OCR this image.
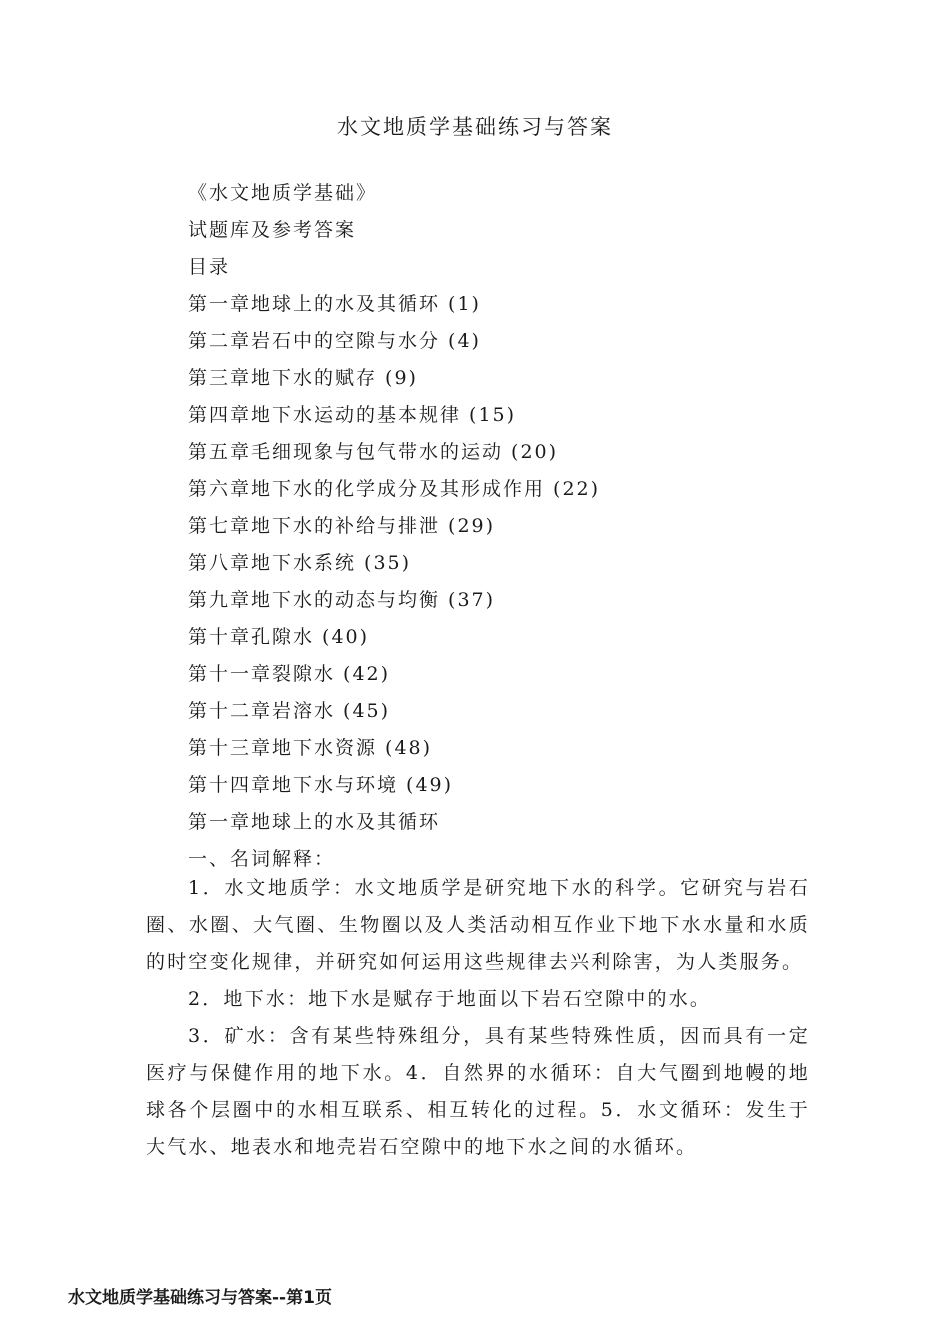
水文地质学基础练习与答案
《水文地质学基础》
试题库及参考答案
目录
第一章地球上的水及其循环 (1)
第二章岩石中的空隙与水分 (4)
第三章地下水的赋存 (9)
第四章地下水运动的基本规律 (15)
第五章毛细现象与包气带水的运动 (20)
第六章地下水的化学成分及其形成作用 (22)
第七章地下水的补给与排泄 (29)
第八章地下水系统 (35)
第九章地下水的动态与均衡 (37)
第十章孔隙水 (40)
第十一章裂隙水 (42)
第十二章岩溶水 (45)
第十三章地下水资源 (48)
第十四章地下水与环境 (49)
第一章地球上的水及其循环
一、名词解释：

1．水文地质学：水文地质学是研究地下水的科学。它研究与岩石圈、水圈、大气圈、生物圈以及人类活动相互作业下地下水水量和水质的时空变化规律，并研究如何运用这些规律去兴利除害，为人类服务。

2．地下水：地下水是赋存于地面以下岩石空隙中的水。

3．矿水：含有某些特殊组分，具有某些特殊性质，因而具有一定医疗与保健作用的地下水。4．自然界的水循环：自大气圈到地幔的地球各个层圈中的水相互联系、相互转化的过程。5．水文循环：发生于大气水、地表水和地壳岩石空隙中的地下水之间的水循环。

水文地质学基础练习与答案--第1页
